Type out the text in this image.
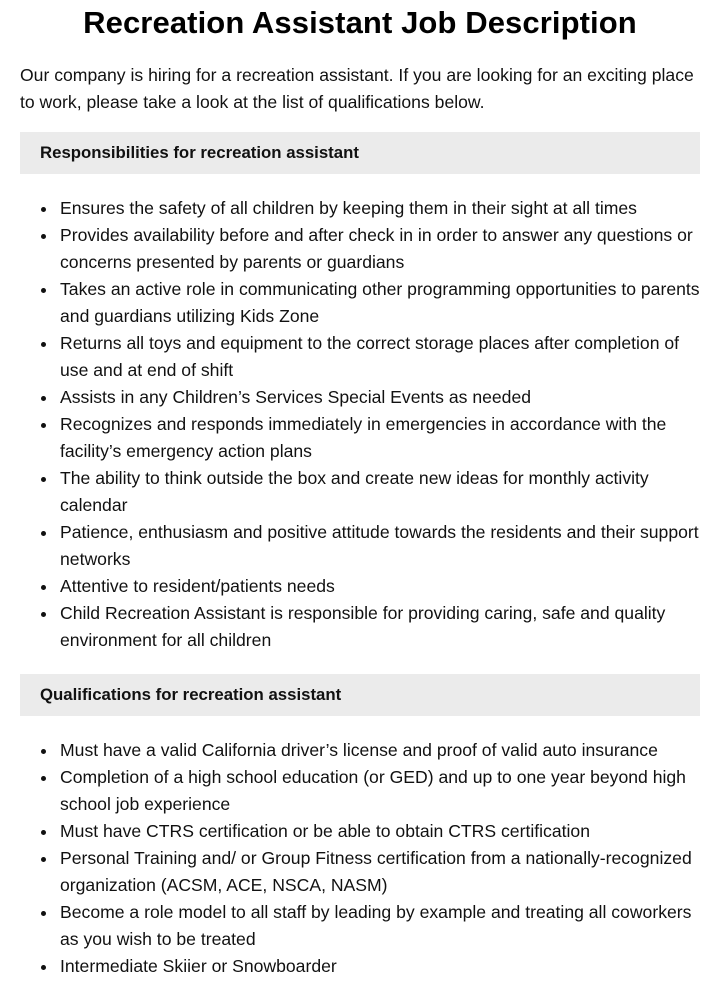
Recreation Assistant Job Description

Our company is hiring for a recreation assistant. If you are looking for an exciting place to work, please take a look at the list of qualifications below.

Responsibilities for recreation assistant
Ensures the safety of all children by keeping them in their sight at all times
Provides availability before and after check in in order to answer any questions or concerns presented by parents or guardians
Takes an active role in communicating other programming opportunities to parents and guardians utilizing Kids Zone
Returns all toys and equipment to the correct storage places after completion of use and at end of shift
Assists in any Children’s Services Special Events as needed
Recognizes and responds immediately in emergencies in accordance with the facility’s emergency action plans
The ability to think outside the box and create new ideas for monthly activity calendar
Patience, enthusiasm and positive attitude towards the residents and their support networks
Attentive to resident/patients needs
Child Recreation Assistant is responsible for providing caring, safe and quality environment for all children
Qualifications for recreation assistant
Must have a valid California driver’s license and proof of valid auto insurance
Completion of a high school education (or GED) and up to one year beyond high school job experience
Must have CTRS certification or be able to obtain CTRS certification
Personal Training and/ or Group Fitness certification from a nationally-recognized organization (ACSM, ACE, NSCA, NASM)
Become a role model to all staff by leading by example and treating all coworkers as you wish to be treated
Intermediate Skiier or Snowboarder
